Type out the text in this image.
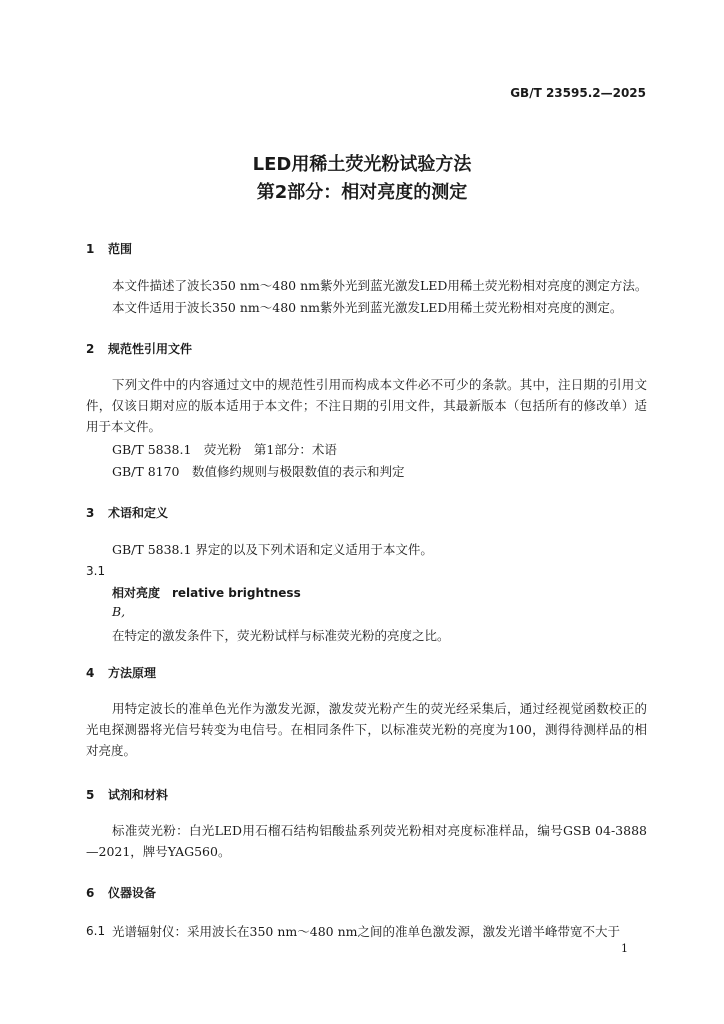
GB/T 23595.2—2025
LED用稀土荧光粉试验方法
第2部分：相对亮度的测定
1 范围
本文件描述了波长350 nm～480 nm紫外光到蓝光激发LED用稀土荧光粉相对亮度的测定方法。
本文件适用于波长350 nm～480 nm紫外光到蓝光激发LED用稀土荧光粉相对亮度的测定。
2 规范性引用文件
下列文件中的内容通过文中的规范性引用而构成本文件必不可少的条款。其中，注日期的引用文件，仅该日期对应的版本适用于本文件；不注日期的引用文件，其最新版本（包括所有的修改单）适用于本文件。
GB/T 5838.1　荧光粉　第1部分：术语
GB/T 8170　数值修约规则与极限数值的表示和判定
3 术语和定义
GB/T 5838.1 界定的以及下列术语和定义适用于本文件。
3.1
相对亮度　relative brightness
B,
在特定的激发条件下，荧光粉试样与标准荧光粉的亮度之比。
4 方法原理
用特定波长的准单色光作为激发光源，激发荧光粉产生的荧光经采集后，通过经视觉函数校正的光电探测器将光信号转变为电信号。在相同条件下，以标准荧光粉的亮度为100，测得待测样品的相对亮度。
5 试剂和材料
标准荧光粉：白光LED用石榴石结构铝酸盐系列荧光粉相对亮度标准样品，编号GSB 04-3888—2021，牌号YAG560。
6 仪器设备
6.1 光谱辐射仪：采用波长在350 nm～480 nm之间的准单色激发源，激发光谱半峰带宽不大于
1
